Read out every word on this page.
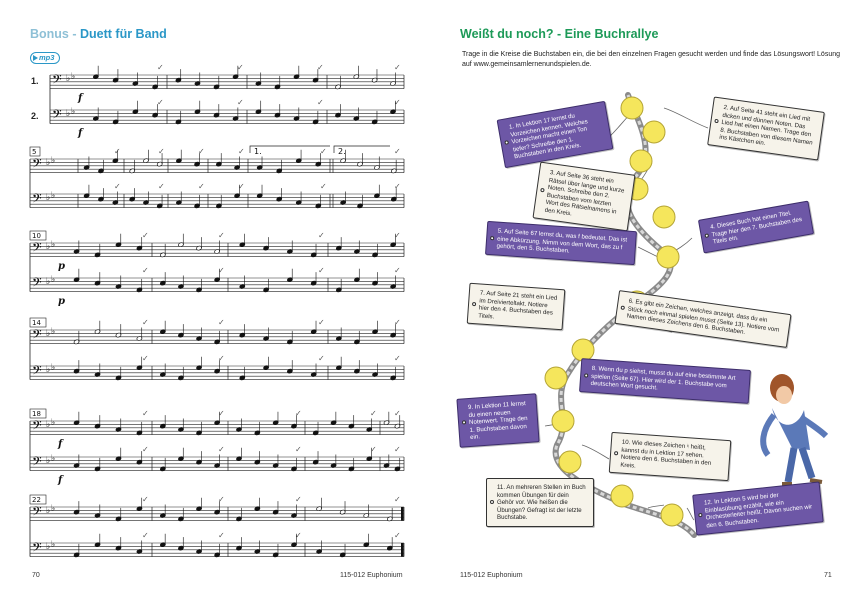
Bonus - Duett für Band
mp3
𝄢 ♭ ♭
𝄢 ♭ ♭
f
f
✓
✓
✓
✓
✓
✓
✓
✓
𝄢 ♭ ♭
𝄢 ♭ ♭
5	✓
✓
✓
✓
✓
✓
✓
✓
✓
✓
✓
✓
1.	2.
𝄢 ♭ ♭
𝄢 ♭ ♭
10
p
p
✓
✓
✓
✓
✓
✓
✓
✓
𝄢 ♭ ♭
𝄢 ♭ ♭
14	✓
✓
✓
✓
✓
✓
✓
✓
𝄢 ♭ ♭
𝄢 ♭ ♭
18
f
f
✓
✓
✓
✓
✓
✓
✓
✓
✓
✓
𝄢 ♭ ♭
𝄢 ♭ ♭
22	✓
✓
✓
✓
✓
✓
✓
✓
1.
2.
70	115-012 Euphonium
Weißt du noch? - Eine Buchrallye
Trage in die Kreise die Buchstaben ein, die bei den einzelnen Fragen gesucht werden und finde das Lösungswort! Lösung auf www.gemeinsamlernenundspielen.de.
1. In Lektion 17 lernst du Vorzeichen kennen. Welches Vorzeichen macht einen Ton tiefer? Schreibe den 1. Buchstaben in den Kreis.
2. Auf Seite 41 steht ein Lied mit dicken und dünnen Noten. Das Lied hat einen Namen. Trage den 8. Buchstaben von diesem Namen ins Kästchen ein.
3. Auf Seite 36 steht ein Rätsel über lange und kurze Noten. Schreibe den 2. Buchstaben vom letzten Wort des Rätselnamens in den Kreis.	4. Dieses Buch hat einen Titel. Trage hier den 7. Buchstaben des Titels ein.
5. Auf Seite 67 lernst du, was f bedeutet. Das ist eine Abkürzung. Nimm von dem Wort, das zu f gehört, den 5. Buchstaben.
6. Es gibt ein Zeichen, welches anzeigt, dass du ein Stück noch einmal spielen musst (Seite 13). Notiere vom Namen dieses Zeichens den 6. Buchstaben.
7. Auf Seite 21 steht ein Lied im Dreivierteltakt. Notiere hier den 4. Buchstaben des Titels.
8. Wenn du p siehst, musst du auf eine bestimmte Art spielen (Seite 67). Hier wird der 1. Buchstabe vom deutschen Wort gesucht.
9. In Lektion 11 lernst du einen neuen Notenwert. Trage den 1. Buchstaben davon ein.
10. Wie dieses Zeichen ♮ heißt, kannst du in Lektion 17 sehen. Notiere den 6. Buchstaben in den Kreis.
11. An mehreren Stellen im Buch kommen Übungen für dein Gehör vor. Wie heißen die Übungen? Gefragt ist der letzte Buchstabe.
12. In Lektion 5 wird bei der Einblasübung erzählt, wie ein Orchesterleiter heißt. Davon suchen wir den 6. Buchstaben.
115-012 Euphonium	71
